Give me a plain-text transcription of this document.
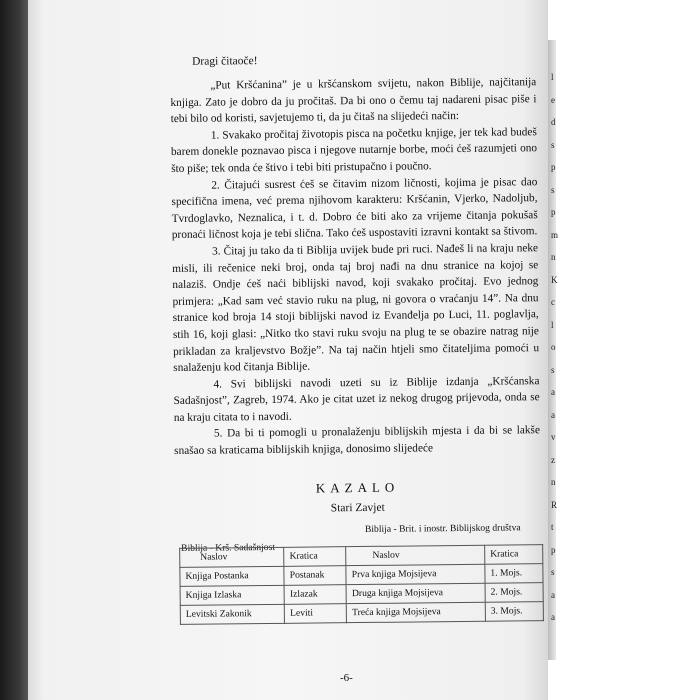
l
e
d
s
p
s
p
m
n
K
c
l
o
s
a
a
v
z
n
R
t
p
s
a
a

Dragi čitaoče!

„Put Kršćanina” je u kršćanskom svijetu, nakon Biblije, najčitanija knjiga. Zato je dobro da ju pročitaš. Da bi ono o čemu taj nadareni pisac piše i tebi bilo od koristi, savjetujemo ti, da ju čitaš na slijedeći način:

1. Svakako pročitaj životopis pisca na početku knjige, jer tek kad budeš barem donekle poznavao pisca i njegove nutarnje borbe, moći ćeš razumjeti ono što piše; tek onda će štivo i tebi biti pristupačno i poučno.

2. Čitajući susrest ćeš se čitavim nizom ličnosti, kojima je pisac dao specifična imena, već prema njihovom karakteru: Kršćanin, Vjerko, Nadoljub, Tvrdoglavko, Neznalica, i t. d. Dobro će biti ako za vrijeme čitanja pokušaš pronaći ličnost koja je tebi slična. Tako ćeš uspostaviti izravni kontakt sa štivom.

3. Čitaj ju tako da ti Biblija uvijek bude pri ruci. Nađeš li na kraju neke misli, ili rečenice neki broj, onda taj broj nađi na dnu stranice na kojoj se nalaziš. Ondje ćeš naći biblijski navod, koji svakako pročitaj. Evo jednog primjera: „Kad sam već stavio ruku na plug, ni govora o vraćanju 14”. Na dnu stranice kod broja 14 stoji biblijski navod iz Evanđelja po Luci, 11. poglavlja, stih 16, koji glasi: „Nitko tko stavi ruku svoju na plug te se obazire natrag nije prikladan za kraljevstvo Božje”. Na taj način htjeli smo čitateljima pomoći u snalaženju kod čitanja Biblije.

4. Svi biblijski navodi uzeti su iz Biblije izdanja „Kršćanska Sadašnjost”, Zagreb, 1974. Ako je citat uzet iz nekog drugog prijevoda, onda se na kraju citata to i navodi.

5. Da bi ti pomogli u pronalaženju biblijskih mjesta i da bi se lakše snašao sa kraticama biblijskih knjiga, donosimo slijedeće

KAZALO
Stari Zavjet
Biblija - Brit. i inostr. Biblijskog društva
Biblija - Krš. Sadašnjost
Naslov	Kratica	Naslov	Kratica
Knjiga Postanka	Postanak	Prva knjiga Mojsijeva	1. Mojs.
Knjiga Izlaska	Izlazak	Druga knjiga Mojsijeva	2. Mojs.
Levitski Zakonik	Leviti	Treća knjiga Mojsijeva	3. Mojs.
-6-
